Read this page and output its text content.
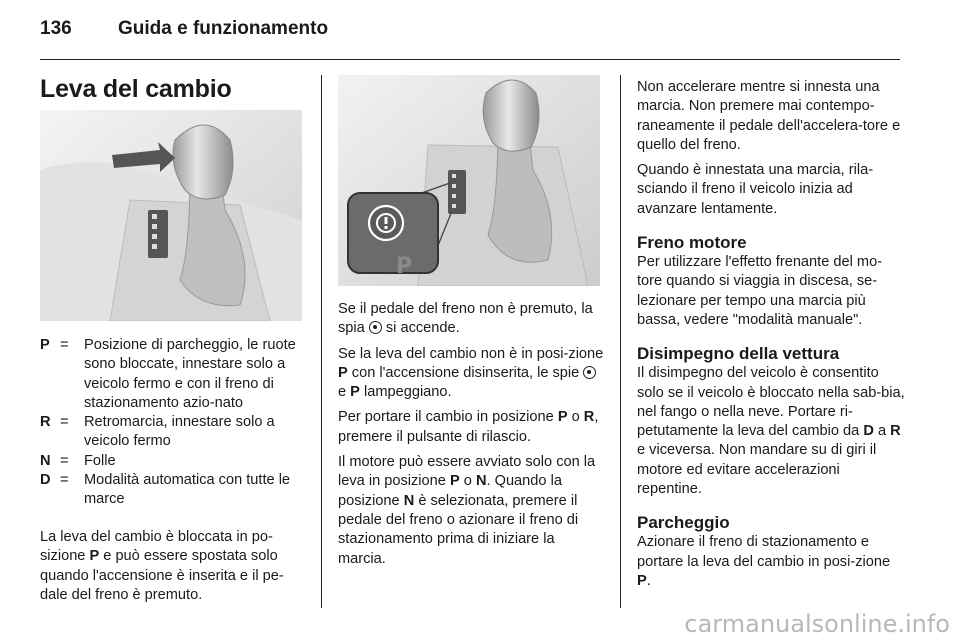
136 Guida e funzionamento
Leva del cambio
P = Posizione di parcheggio, le ruote sono bloccate, innestare solo a veicolo fermo e con il freno di stazionamento azio-nato
R = Retromarcia, innestare solo a veicolo fermo
N = Folle
D = Modalità automatica con tutte le marce

La leva del cambio è bloccata in po-sizione P e può essere spostata solo quando l'accensione è inserita e il pe-dale del freno è premuto.

P

Se il pedale del freno non è premuto, la spia  si accende.

Se la leva del cambio non è in posi-zione P con l'accensione disinserita, le spie  e P lampeggiano.

Per portare il cambio in posizione P o R, premere il pulsante di rilascio.

Il motore può essere avviato solo con la leva in posizione P o N. Quando la posizione N è selezionata, premere il pedale del freno o azionare il freno di stazionamento prima di iniziare la marcia.

Non accelerare mentre si innesta una marcia. Non premere mai contempo-raneamente il pedale dell'accelera-tore e quello del freno.

Quando è innestata una marcia, rila-sciando il freno il veicolo inizia ad avanzare lentamente.

Freno motore

Per utilizzare l'effetto frenante del mo-tore quando si viaggia in discesa, se-lezionare per tempo una marcia più bassa, vedere "modalità manuale".

Disimpegno della vettura

Il disimpegno del veicolo è consentito solo se il veicolo è bloccato nella sab-bia, nel fango o nella neve. Portare ri-petutamente la leva del cambio da D a R e viceversa. Non mandare su di giri il motore ed evitare accelerazioni repentine.

Parcheggio

Azionare il freno di stazionamento e portare la leva del cambio in posi-zione P.

carmanualsonline.info
